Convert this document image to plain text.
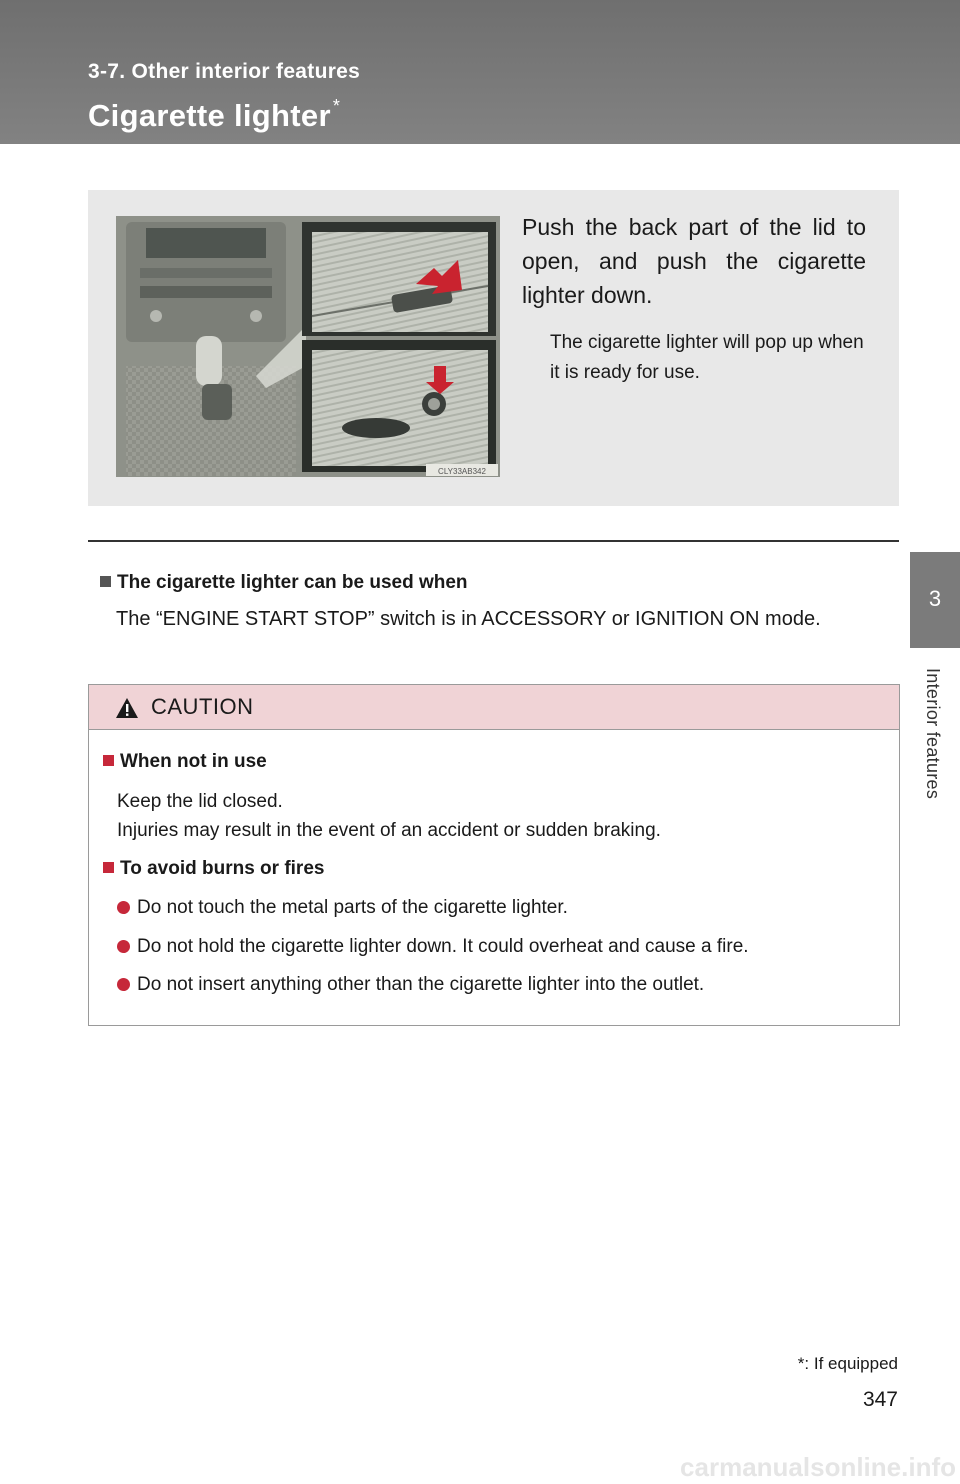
3-7. Other interior features
Cigarette lighter *
3
Interior features
CLY33AB342
Push the back part of the lid to open, and push the cigarette lighter down.
The cigarette lighter will pop up when it is ready for use.
The cigarette lighter can be used when
The “ENGINE START STOP” switch is in ACCESSORY or IGNITION ON mode.
CAUTION
When not in use
Keep the lid closed.
Injuries may result in the event of an accident or sudden braking.
To avoid burns or fires
Do not touch the metal parts of the cigarette lighter.
Do not hold the cigarette lighter down. It could overheat and cause a fire.
Do not insert anything other than the cigarette lighter into the outlet.
*: If equipped
347
carmanualsonline.info
